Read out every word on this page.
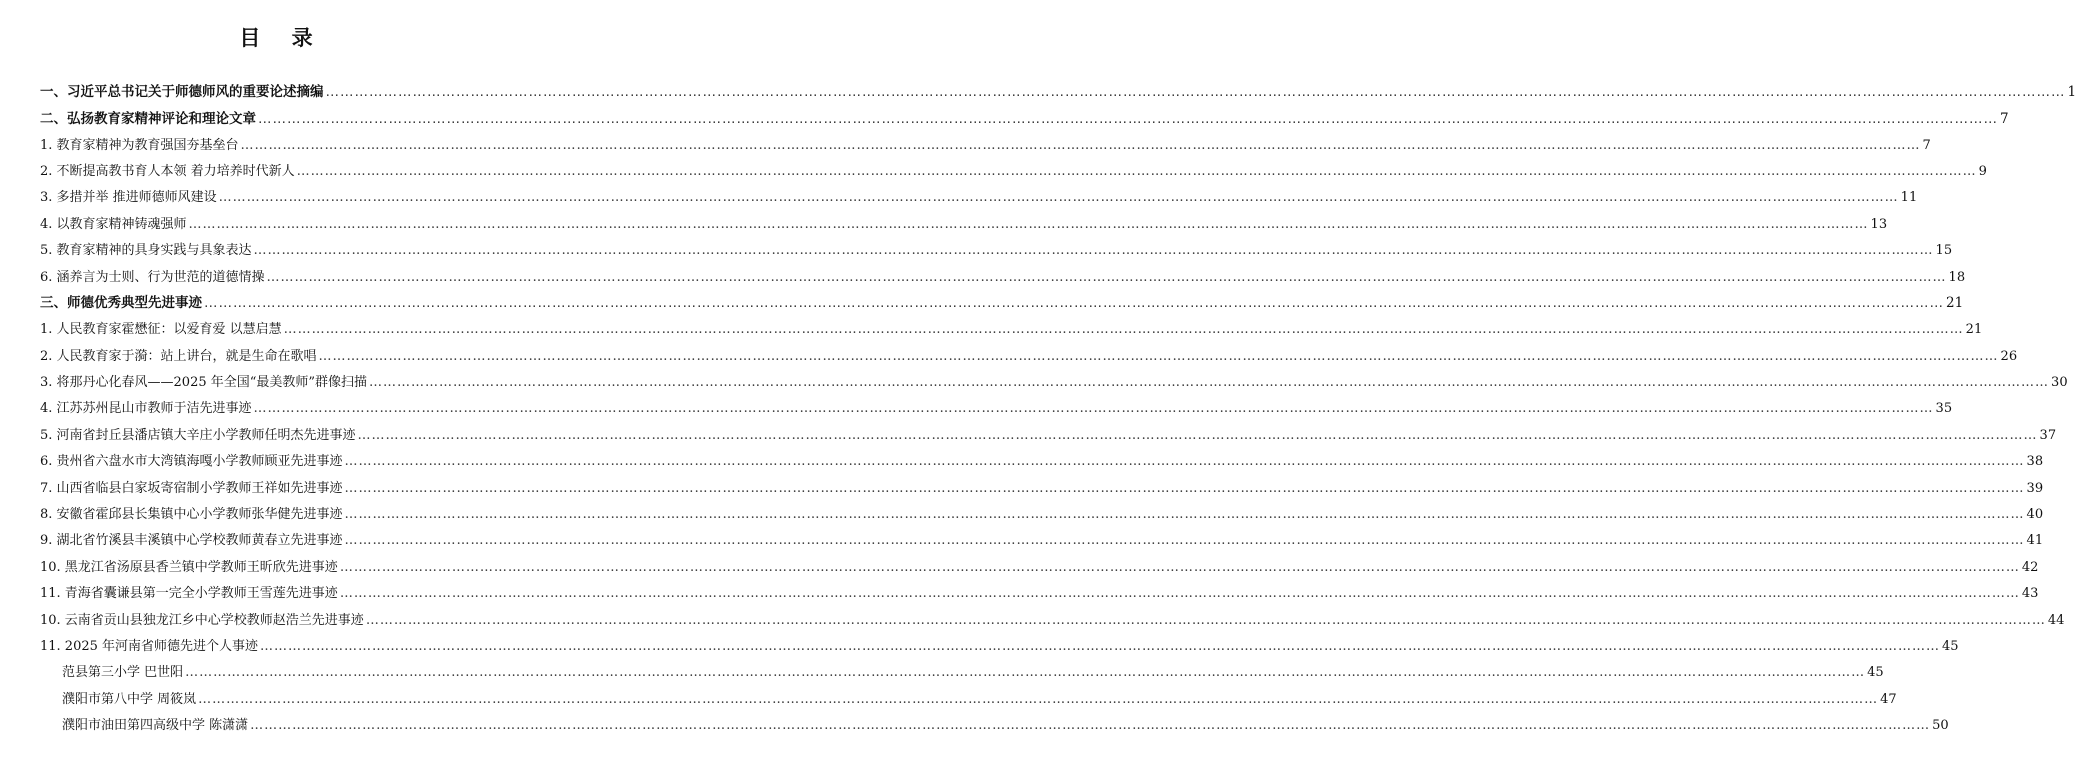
目 录
一、习近平总书记关于师德师风的重要论述摘编 ……………………………………………………………………………………………………………………………………………………………………………………………………………………………………………………………………………………………………………………………… 1
二、弘扬教育家精神评论和理论文章 ……………………………………………………………………………………………………………………………………………………………………………………………………………………………………………………………………………………………………………………………… 7
1. 教育家精神为教育强国夯基垒台 ……………………………………………………………………………………………………………………………………………………………………………………………………………………………………………………………………………………………………………………………… 7
2. 不断提高教书育人本领 着力培养时代新人 ……………………………………………………………………………………………………………………………………………………………………………………………………………………………………………………………………………………………………………………………… 9
3. 多措并举 推进师德师风建设 ……………………………………………………………………………………………………………………………………………………………………………………………………………………………………………………………………………………………………………………………… 11
4. 以教育家精神铸魂强师 ……………………………………………………………………………………………………………………………………………………………………………………………………………………………………………………………………………………………………………………………… 13
5. 教育家精神的具身实践与具象表达 ……………………………………………………………………………………………………………………………………………………………………………………………………………………………………………………………………………………………………………………………… 15
6. 涵养言为士则、行为世范的道德情操 ……………………………………………………………………………………………………………………………………………………………………………………………………………………………………………………………………………………………………………………………… 18
三、师德优秀典型先进事迹 ……………………………………………………………………………………………………………………………………………………………………………………………………………………………………………………………………………………………………………………………… 21
1. 人民教育家霍懋征：以爱育爱 以慧启慧 ……………………………………………………………………………………………………………………………………………………………………………………………………………………………………………………………………………………………………………………………… 21
2. 人民教育家于漪：站上讲台，就是生命在歌唱 ……………………………………………………………………………………………………………………………………………………………………………………………………………………………………………………………………………………………………………………………… 26
3. 将那丹心化春风——2025 年全国“最美教师”群像扫描 ……………………………………………………………………………………………………………………………………………………………………………………………………………………………………………………………………………………………………………………………… 30
4. 江苏苏州昆山市教师于洁先进事迹 ……………………………………………………………………………………………………………………………………………………………………………………………………………………………………………………………………………………………………………………………… 35
5. 河南省封丘县潘店镇大辛庄小学教师任明杰先进事迹 ……………………………………………………………………………………………………………………………………………………………………………………………………………………………………………………………………………………………………………………………… 37
6. 贵州省六盘水市大湾镇海嘎小学教师顾亚先进事迹 ……………………………………………………………………………………………………………………………………………………………………………………………………………………………………………………………………………………………………………………………… 38
7. 山西省临县白家坂寄宿制小学教师王祥如先进事迹 ……………………………………………………………………………………………………………………………………………………………………………………………………………………………………………………………………………………………………………………………… 39
8. 安徽省霍邱县长集镇中心小学教师张华健先进事迹 ……………………………………………………………………………………………………………………………………………………………………………………………………………………………………………………………………………………………………………………………… 40
9. 湖北省竹溪县丰溪镇中心学校教师黄春立先进事迹 ……………………………………………………………………………………………………………………………………………………………………………………………………………………………………………………………………………………………………………………………… 41
10. 黑龙江省汤原县香兰镇中学教师王昕欣先进事迹 ……………………………………………………………………………………………………………………………………………………………………………………………………………………………………………………………………………………………………………………………… 42
11. 青海省囊谦县第一完全小学教师王雪莲先进事迹 ……………………………………………………………………………………………………………………………………………………………………………………………………………………………………………………………………………………………………………………………… 43
10. 云南省贡山县独龙江乡中心学校教师赵浩兰先进事迹 ……………………………………………………………………………………………………………………………………………………………………………………………………………………………………………………………………………………………………………………………… 44
11. 2025 年河南省师德先进个人事迹 ……………………………………………………………………………………………………………………………………………………………………………………………………………………………………………………………………………………………………………………………… 45
范县第三小学 巴世阳 ……………………………………………………………………………………………………………………………………………………………………………………………………………………………………………………………………………………………………………………………… 45
濮阳市第八中学 周筱岚 ……………………………………………………………………………………………………………………………………………………………………………………………………………………………………………………………………………………………………………………………… 47
濮阳市油田第四高级中学 陈潇潇 ……………………………………………………………………………………………………………………………………………………………………………………………………………………………………………………………………………………………………………………………… 50
